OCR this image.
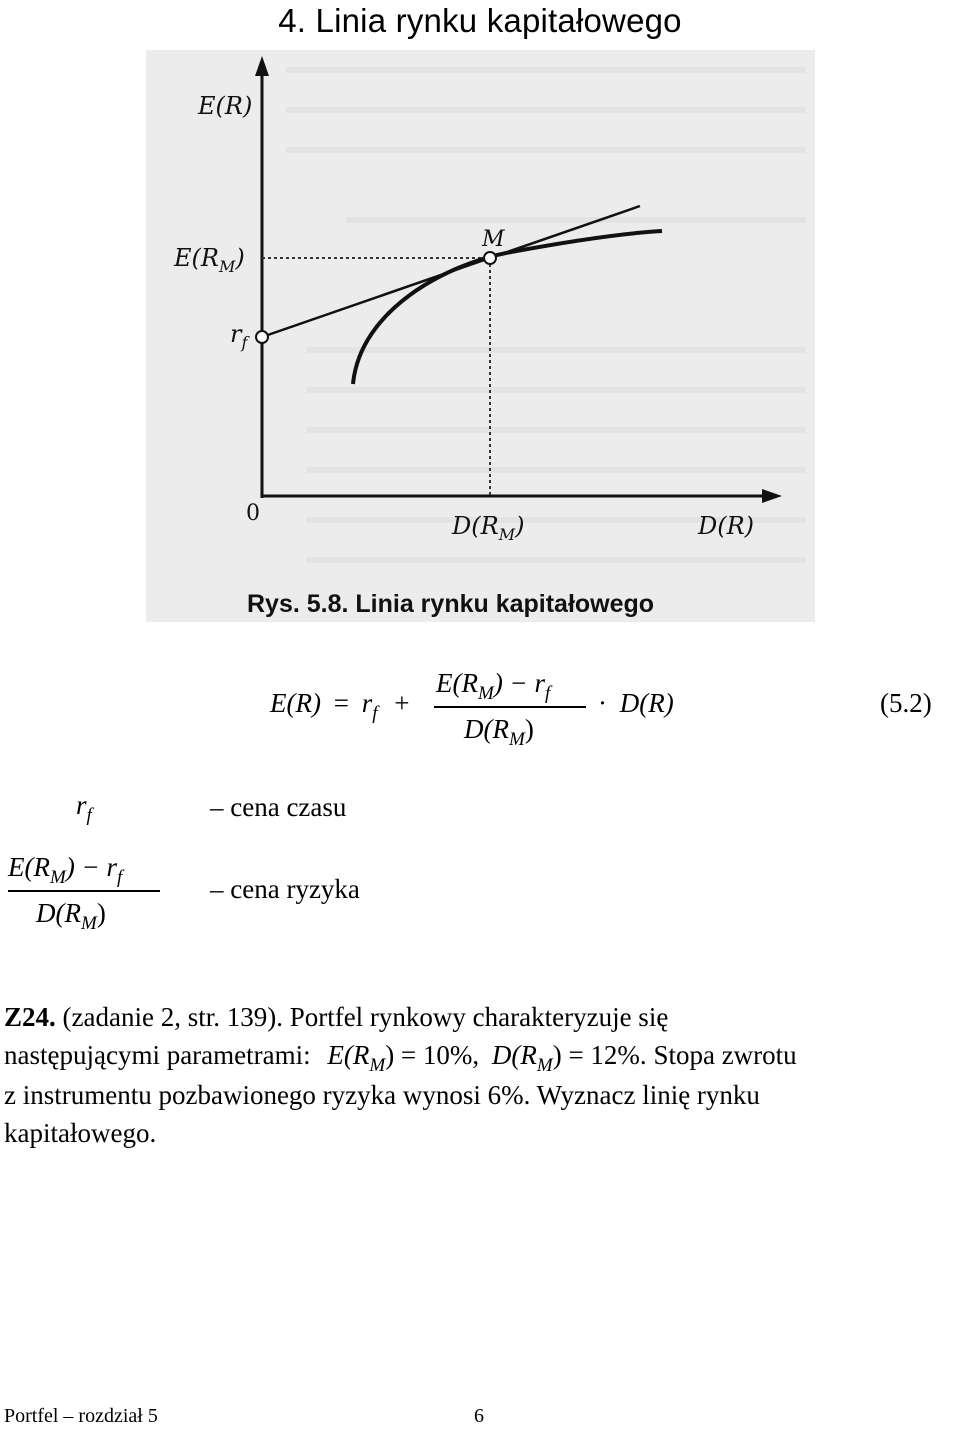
4. Linia rynku kapitałowego
E(R)
$E(R_M)$
$r_f$
0	$D(R_M)$	D(R)
M
Rys. 5.8. Linia rynku kapitałowego
$E(R) = r_f$ +
$E(R_M) - r_f$
$D(R_M)$
· D(R)	(5.2)
$r_f$	– cena czasu
$E(R_M) - r_f$
$D(R_M)$
– cena ryzyka
Z24. (zadanie 2, str. 139). Portfel rynkowy charakteryzuje się
następującymi parametrami: $E(R_M) = 10\%$, $D(R_M) = 12\%$. Stopa zwrotu
z instrumentu pozbawionego ryzyka wynosi 6%. Wyznacz linię rynku
kapitałowego.
Portfel – rozdział 5	6
